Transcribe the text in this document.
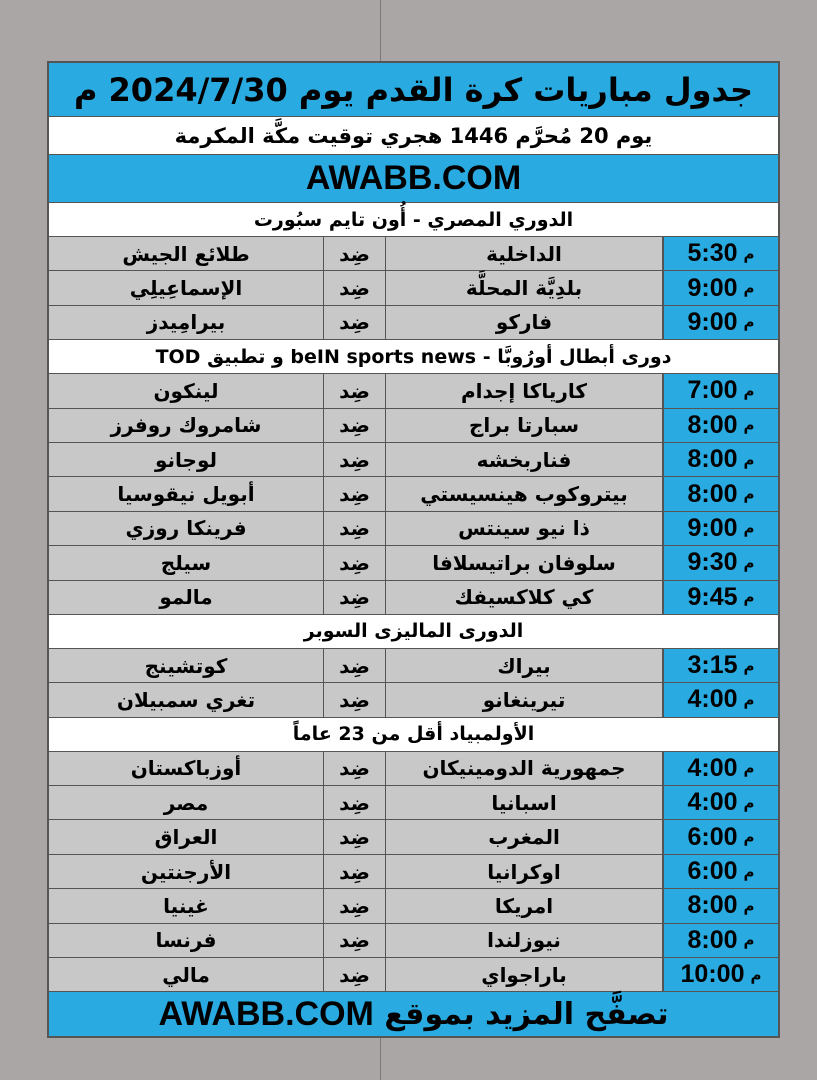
جدول مباريات كرة القدم يوم 2024/7/30 م
يوم 20 مُحرَّم 1446 هجري توقيت مكَّة المكرمة
AWABB.COM
الدوري المصري - أُون تايم سبُورت
م
5:30
الداخلية
ضِد
طلائع الجيش
م
9:00
بلدِيَّة المحلَّة
ضِد
الإسماعِيلِي
م
9:00
فاركو
ضِد
بيرامِيدز
دورى أبطال أورُوبَّا - beIN sports news و تطبيق TOD
م
7:00
كارياكا إجدام
ضِد
لينكون
م
8:00
سبارتا براج
ضِد
شامروك روفرز
م
8:00
فناربخشه
ضِد
لوجانو
م
8:00
بيتروكوب هينسيستي
ضِد
أبويل نيقوسيا
م
9:00
ذا نيو سينتس
ضِد
فرينكا روزي
م
9:30
سلوفان براتيسلافا
ضِد
سيلج
م
9:45
كي كلاكسيفك
ضِد
مالمو
الدورى الماليزى السوبر
م
3:15
بيراك
ضِد
كوتشينج
م
4:00
تيرينغانو
ضِد
تغري سمبيلان
الأولمبياد أقل من 23 عاماً
م
4:00
جمهورية الدومينيكان
ضِد
أوزباكستان
م
4:00
اسبانيا
ضِد
مصر
م
6:00
المغرب
ضِد
العراق
م
6:00
اوكرانيا
ضِد
الأرجنتين
م
8:00
امريكا
ضِد
غينيا
م
8:00
نيوزلندا
ضِد
فرنسا
م
10:00
باراجواي
ضِد
مالي
تصفَّح المزيد بموقع

AWABB.COM
